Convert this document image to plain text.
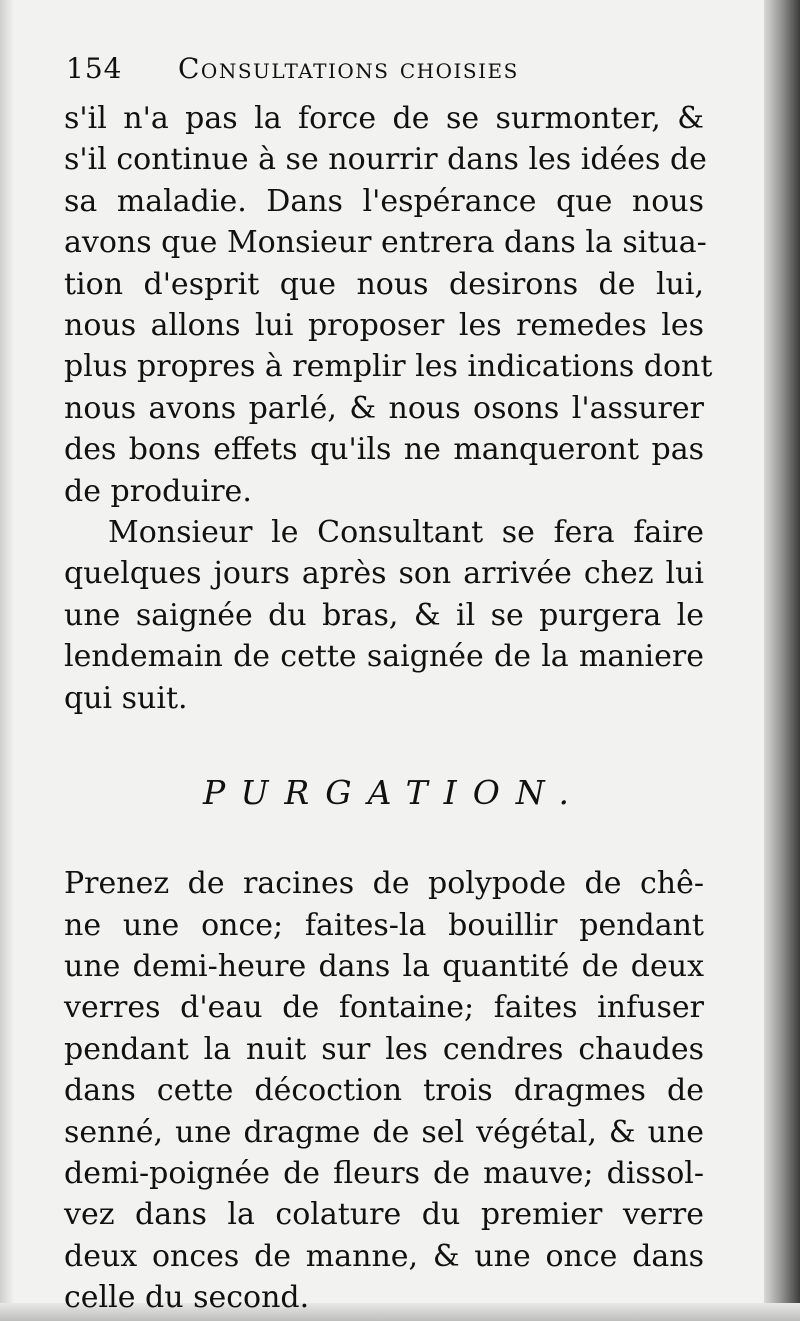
154	Consultations choisies

s'il n'a pas la force de se surmonter, &
s'il continue à se nourrir dans les idées de
sa maladie. Dans l'espérance que nous
avons que Monsieur entrera dans la situa-
tion d'esprit que nous desirons de lui,
nous allons lui proposer les remedes les
plus propres à remplir les indications dont
nous avons parlé, & nous osons l'assurer
des bons effets qu'ils ne manqueront pas
de produire.

Monsieur le Consultant se fera faire
quelques jours après son arrivée chez lui
une saignée du bras, & il se purgera le
lendemain de cette saignée de la maniere
qui suit.

PURGATION.

Prenez de racines de polypode de chê-
ne une once; faites-la bouillir pendant
une demi-heure dans la quantité de deux
verres d'eau de fontaine; faites infuser
pendant la nuit sur les cendres chaudes
dans cette décoction trois dragmes de
senné, une dragme de sel végétal, & une
demi-poignée de fleurs de mauve; dissol-
vez dans la colature du premier verre
deux onces de manne, & une once dans
celle du second.
